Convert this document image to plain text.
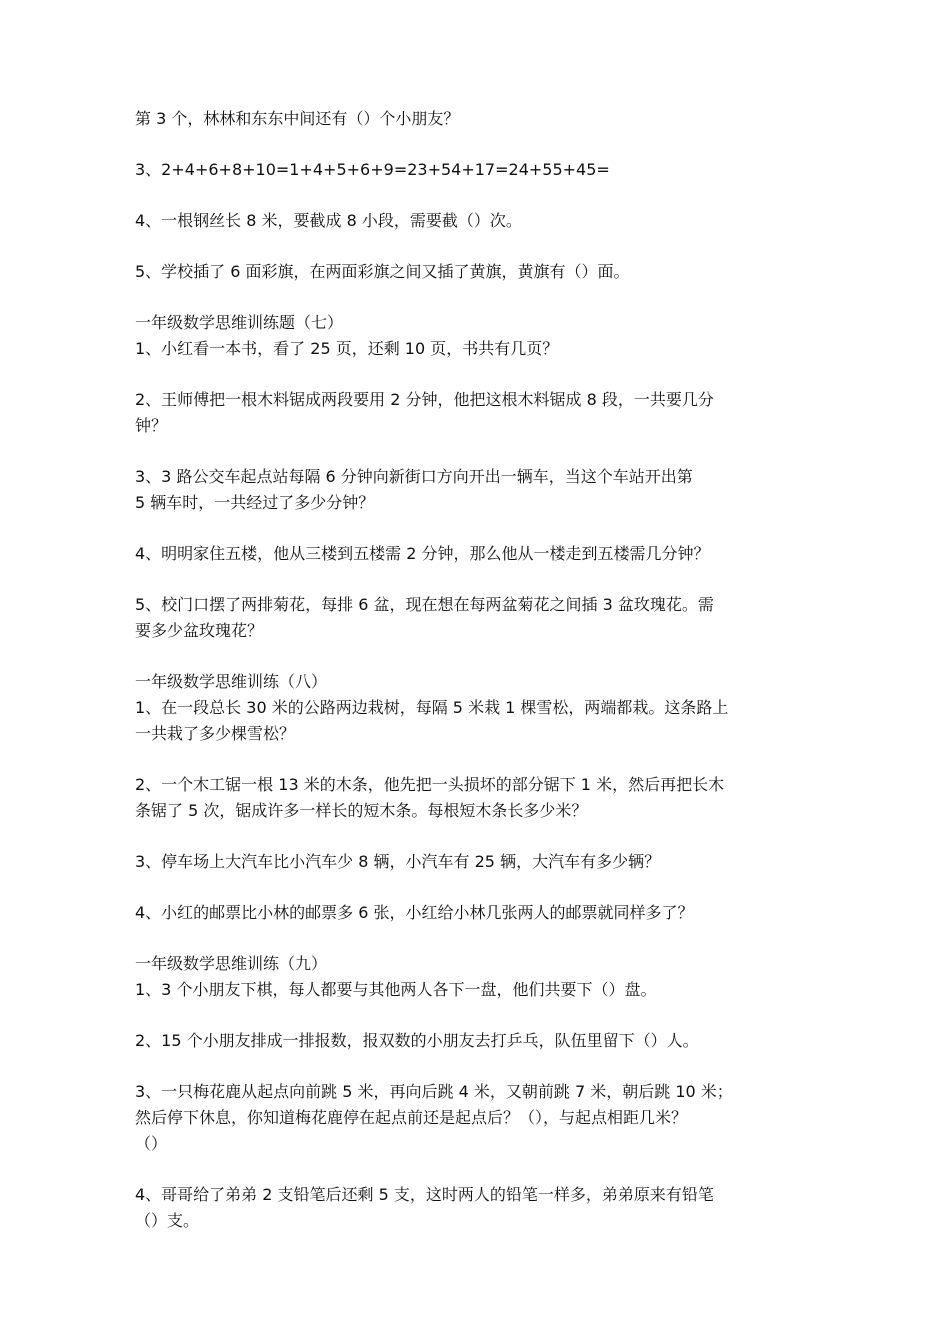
第 3 个，林林和东东中间还有（）个小朋友？

3、2+4+6+8+10=1+4+5+6+9=23+54+17=24+55+45=

4、一根钢丝长 8 米，要截成 8 小段，需要截（）次。

5、学校插了 6 面彩旗，在两面彩旗之间又插了黄旗，黄旗有（）面。

一年级数学思维训练题（七）

1、小红看一本书，看了 25 页，还剩 10 页，书共有几页？

2、王师傅把一根木料锯成两段要用 2 分钟，他把这根木料锯成 8 段，一共要几分

钟？

3、3 路公交车起点站每隔 6 分钟向新街口方向开出一辆车，当这个车站开出第

5 辆车时，一共经过了多少分钟？

4、明明家住五楼，他从三楼到五楼需 2 分钟，那么他从一楼走到五楼需几分钟？

5、校门口摆了两排菊花，每排 6 盆，现在想在每两盆菊花之间插 3 盆玫瑰花。需

要多少盆玫瑰花？

一年级数学思维训练（八）

1、在一段总长 30 米的公路两边栽树，每隔 5 米栽 1 棵雪松，两端都栽。这条路上

一共栽了多少棵雪松？

2、一个木工锯一根 13 米的木条，他先把一头损坏的部分锯下 1 米，然后再把长木

条锯了 5 次，锯成许多一样长的短木条。每根短木条长多少米？

3、停车场上大汽车比小汽车少 8 辆，小汽车有 25 辆，大汽车有多少辆？

4、小红的邮票比小林的邮票多 6 张，小红给小林几张两人的邮票就同样多了？

一年级数学思维训练（九）

1、3 个小朋友下棋，每人都要与其他两人各下一盘，他们共要下（）盘。

2、15 个小朋友排成一排报数，报双数的小朋友去打乒乓，队伍里留下（）人。

3、一只梅花鹿从起点向前跳 5 米，再向后跳 4 米，又朝前跳 7 米，朝后跳 10 米；

然后停下休息，你知道梅花鹿停在起点前还是起点后？（），与起点相距几米？

（）

4、哥哥给了弟弟 2 支铅笔后还剩 5 支，这时两人的铅笔一样多，弟弟原来有铅笔

（）支。
